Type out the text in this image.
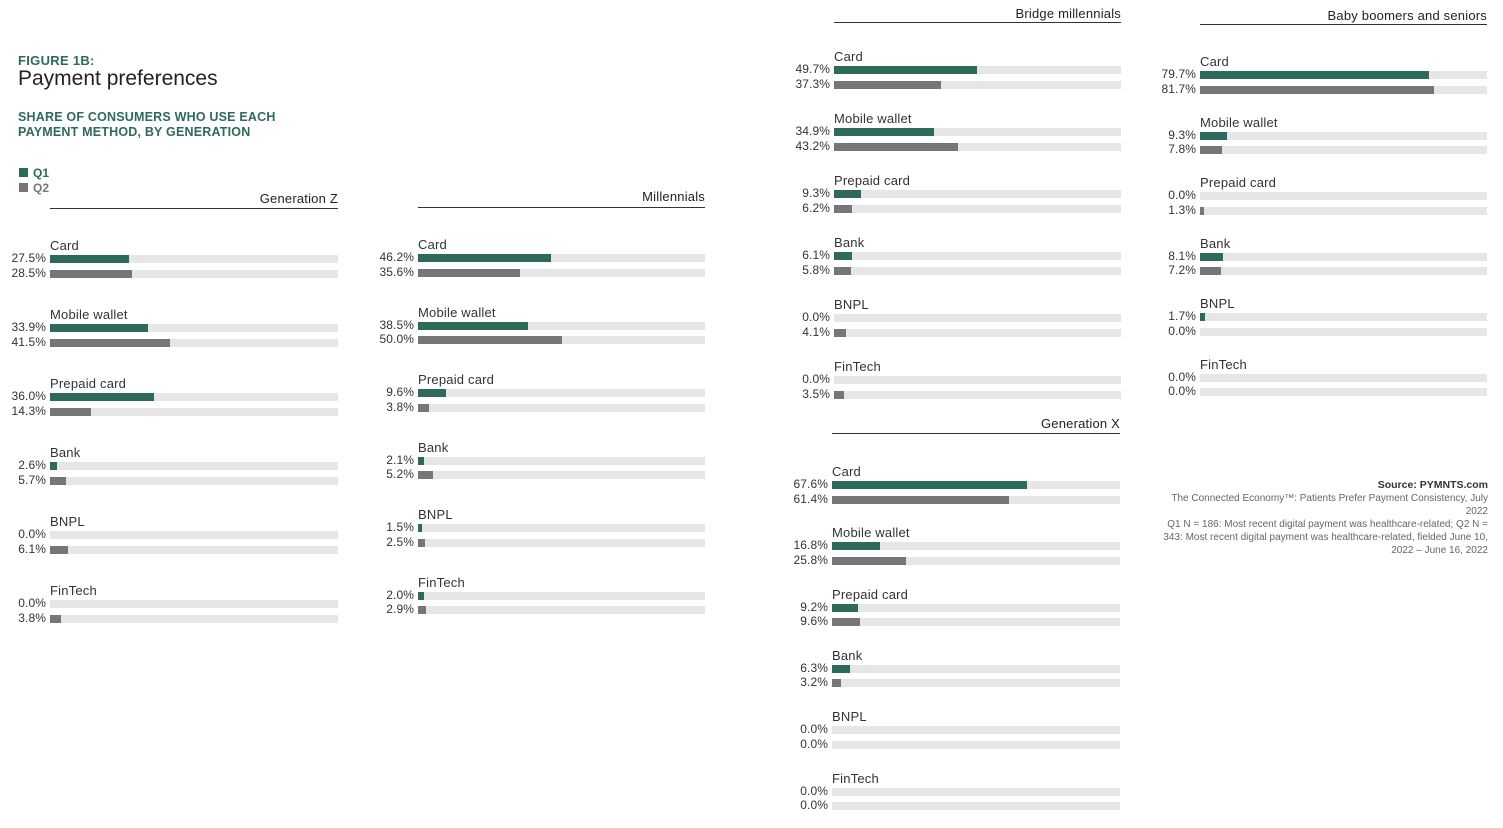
FIGURE 1B:
Payment preferences
SHARE OF CONSUMERS WHO USE EACH PAYMENT METHOD, BY GENERATION
Q1
Q2
Generation Z
Card
27.5%
28.5%
Mobile wallet
33.9%
41.5%
Prepaid card
36.0%
14.3%
Bank
2.6%
5.7%
BNPL
0.0%
6.1%
FinTech
0.0%
3.8%
Millennials
Card
46.2%
35.6%
Mobile wallet
38.5%
50.0%
Prepaid card
9.6%
3.8%
Bank
2.1%
5.2%
BNPL
1.5%
2.5%
FinTech
2.0%
2.9%
Bridge millennials
Card
49.7%
37.3%
Mobile wallet
34.9%
43.2%
Prepaid card
9.3%
6.2%
Bank
6.1%
5.8%
BNPL
0.0%
4.1%
FinTech
0.0%
3.5%
Generation X
Card
67.6%
61.4%
Mobile wallet
16.8%
25.8%
Prepaid card
9.2%
9.6%
Bank
6.3%
3.2%
BNPL
0.0%
0.0%
FinTech
0.0%
0.0%
Baby boomers and seniors
Card
79.7%
81.7%
Mobile wallet
9.3%
7.8%
Prepaid card
0.0%
1.3%
Bank
8.1%
7.2%
BNPL
1.7%
0.0%
FinTech
0.0%
0.0%
Source: PYMNTS.com
The Connected Economy™: Patients Prefer Payment Consistency, July 2022
Q1 N = 186: Most recent digital payment was healthcare-related; Q2 N = 343: Most recent digital payment was healthcare-related, fielded June 10, 2022 – June 16, 2022
